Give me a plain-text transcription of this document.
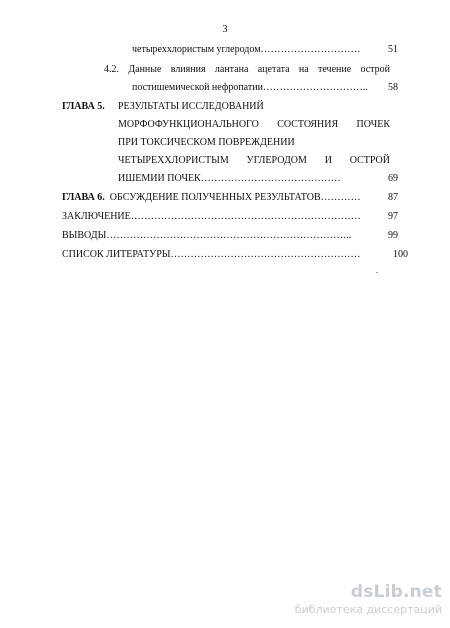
3
четыреххлористым углеродом…………………………	51
4.2. Данные влияния лантана ацетата на течение острой
постишемической нефропатии…………………………..	58
ГЛАВА 5.	РЕЗУЛЬТАТЫ ИССЛЕДОВАНИЙ
МОРФОФУНКЦИОНАЛЬНОГО СОСТОЯНИЯ ПОЧЕК
ПРИ ТОКСИЧЕСКОМ ПОВРЕЖДЕНИИ
ЧЕТЫРЕХХЛОРИСТЫМ УГЛЕРОДОМ И ОСТРОЙ
ИШЕМИИ ПОЧЕК……………………………………	69
ГЛАВА 6.  ОБСУЖДЕНИЕ ПОЛУЧЕННЫХ РЕЗУЛЬТАТОВ…………	87
ЗАКЛЮЧЕНИЕ……………………………………………………………	97
ВЫВОДЫ………………………………………………………………..	99
СПИСОК ЛИТЕРАТУРЫ…………………………………………………	100
dsLib.net
библиотека диссертаций
